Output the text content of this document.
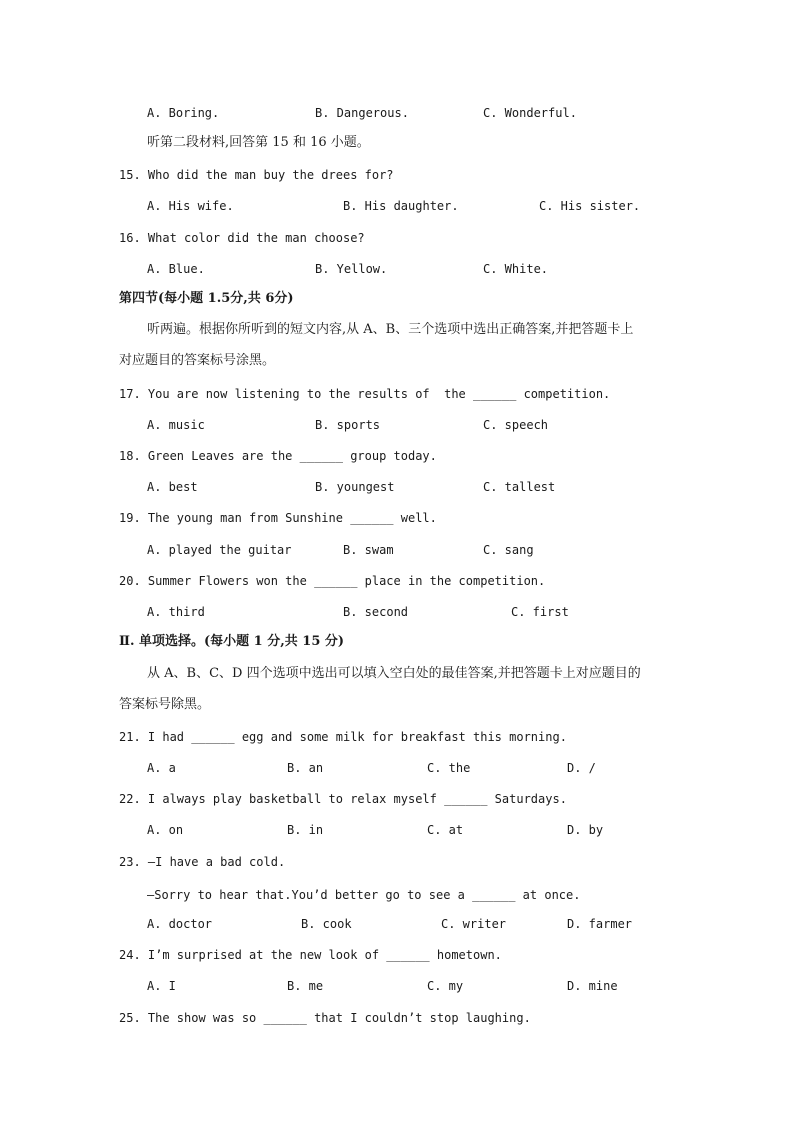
A. Boring.	B. Dangerous.	C. Wonderful.
听第二段材料,回答第 15 和 16 小题。
15. Who did the man buy the drees for?
A. His wife.	B. His daughter.	C. His sister.
16. What color did the man choose?
A. Blue.	B. Yellow.	C. White.
第四节(每小题 1.5分,共 6分)
听两遍。根据你所听到的短文内容,从 A、B、三个选项中选出正确答案,并把答题卡上
对应题目的答案标号涂黑。
17. You are now listening to the results of  the ______ competition.
A. music	B. sports	C. speech
18. Green Leaves are the ______ group today.
A. best	B. youngest	C. tallest
19. The young man from Sunshine ______ well.
A. played the guitar	B. swam	C. sang
20. Summer Flowers won the ______ place in the competition.
A. third	B. second	C. first
Ⅱ. 单项选择。(每小题 1 分,共 15 分)
从 A、B、C、D 四个选项中选出可以填入空白处的最佳答案,并把答题卡上对应题目的
答案标号除黑。
21. I had ______ egg and some milk for breakfast this morning.
A. a	B. an	C. the	D. /
22. I always play basketball to relax myself ______ Saturdays.
A. on	B. in	C. at	D. by
23. —I have a bad cold.
—Sorry to hear that.You’d better go to see a ______ at once.
A. doctor	B. cook	C. writer	D. farmer
24. I’m surprised at the new look of ______ hometown.
A. I	B. me	C. my	D. mine
25. The show was so ______ that I couldn’t stop laughing.
